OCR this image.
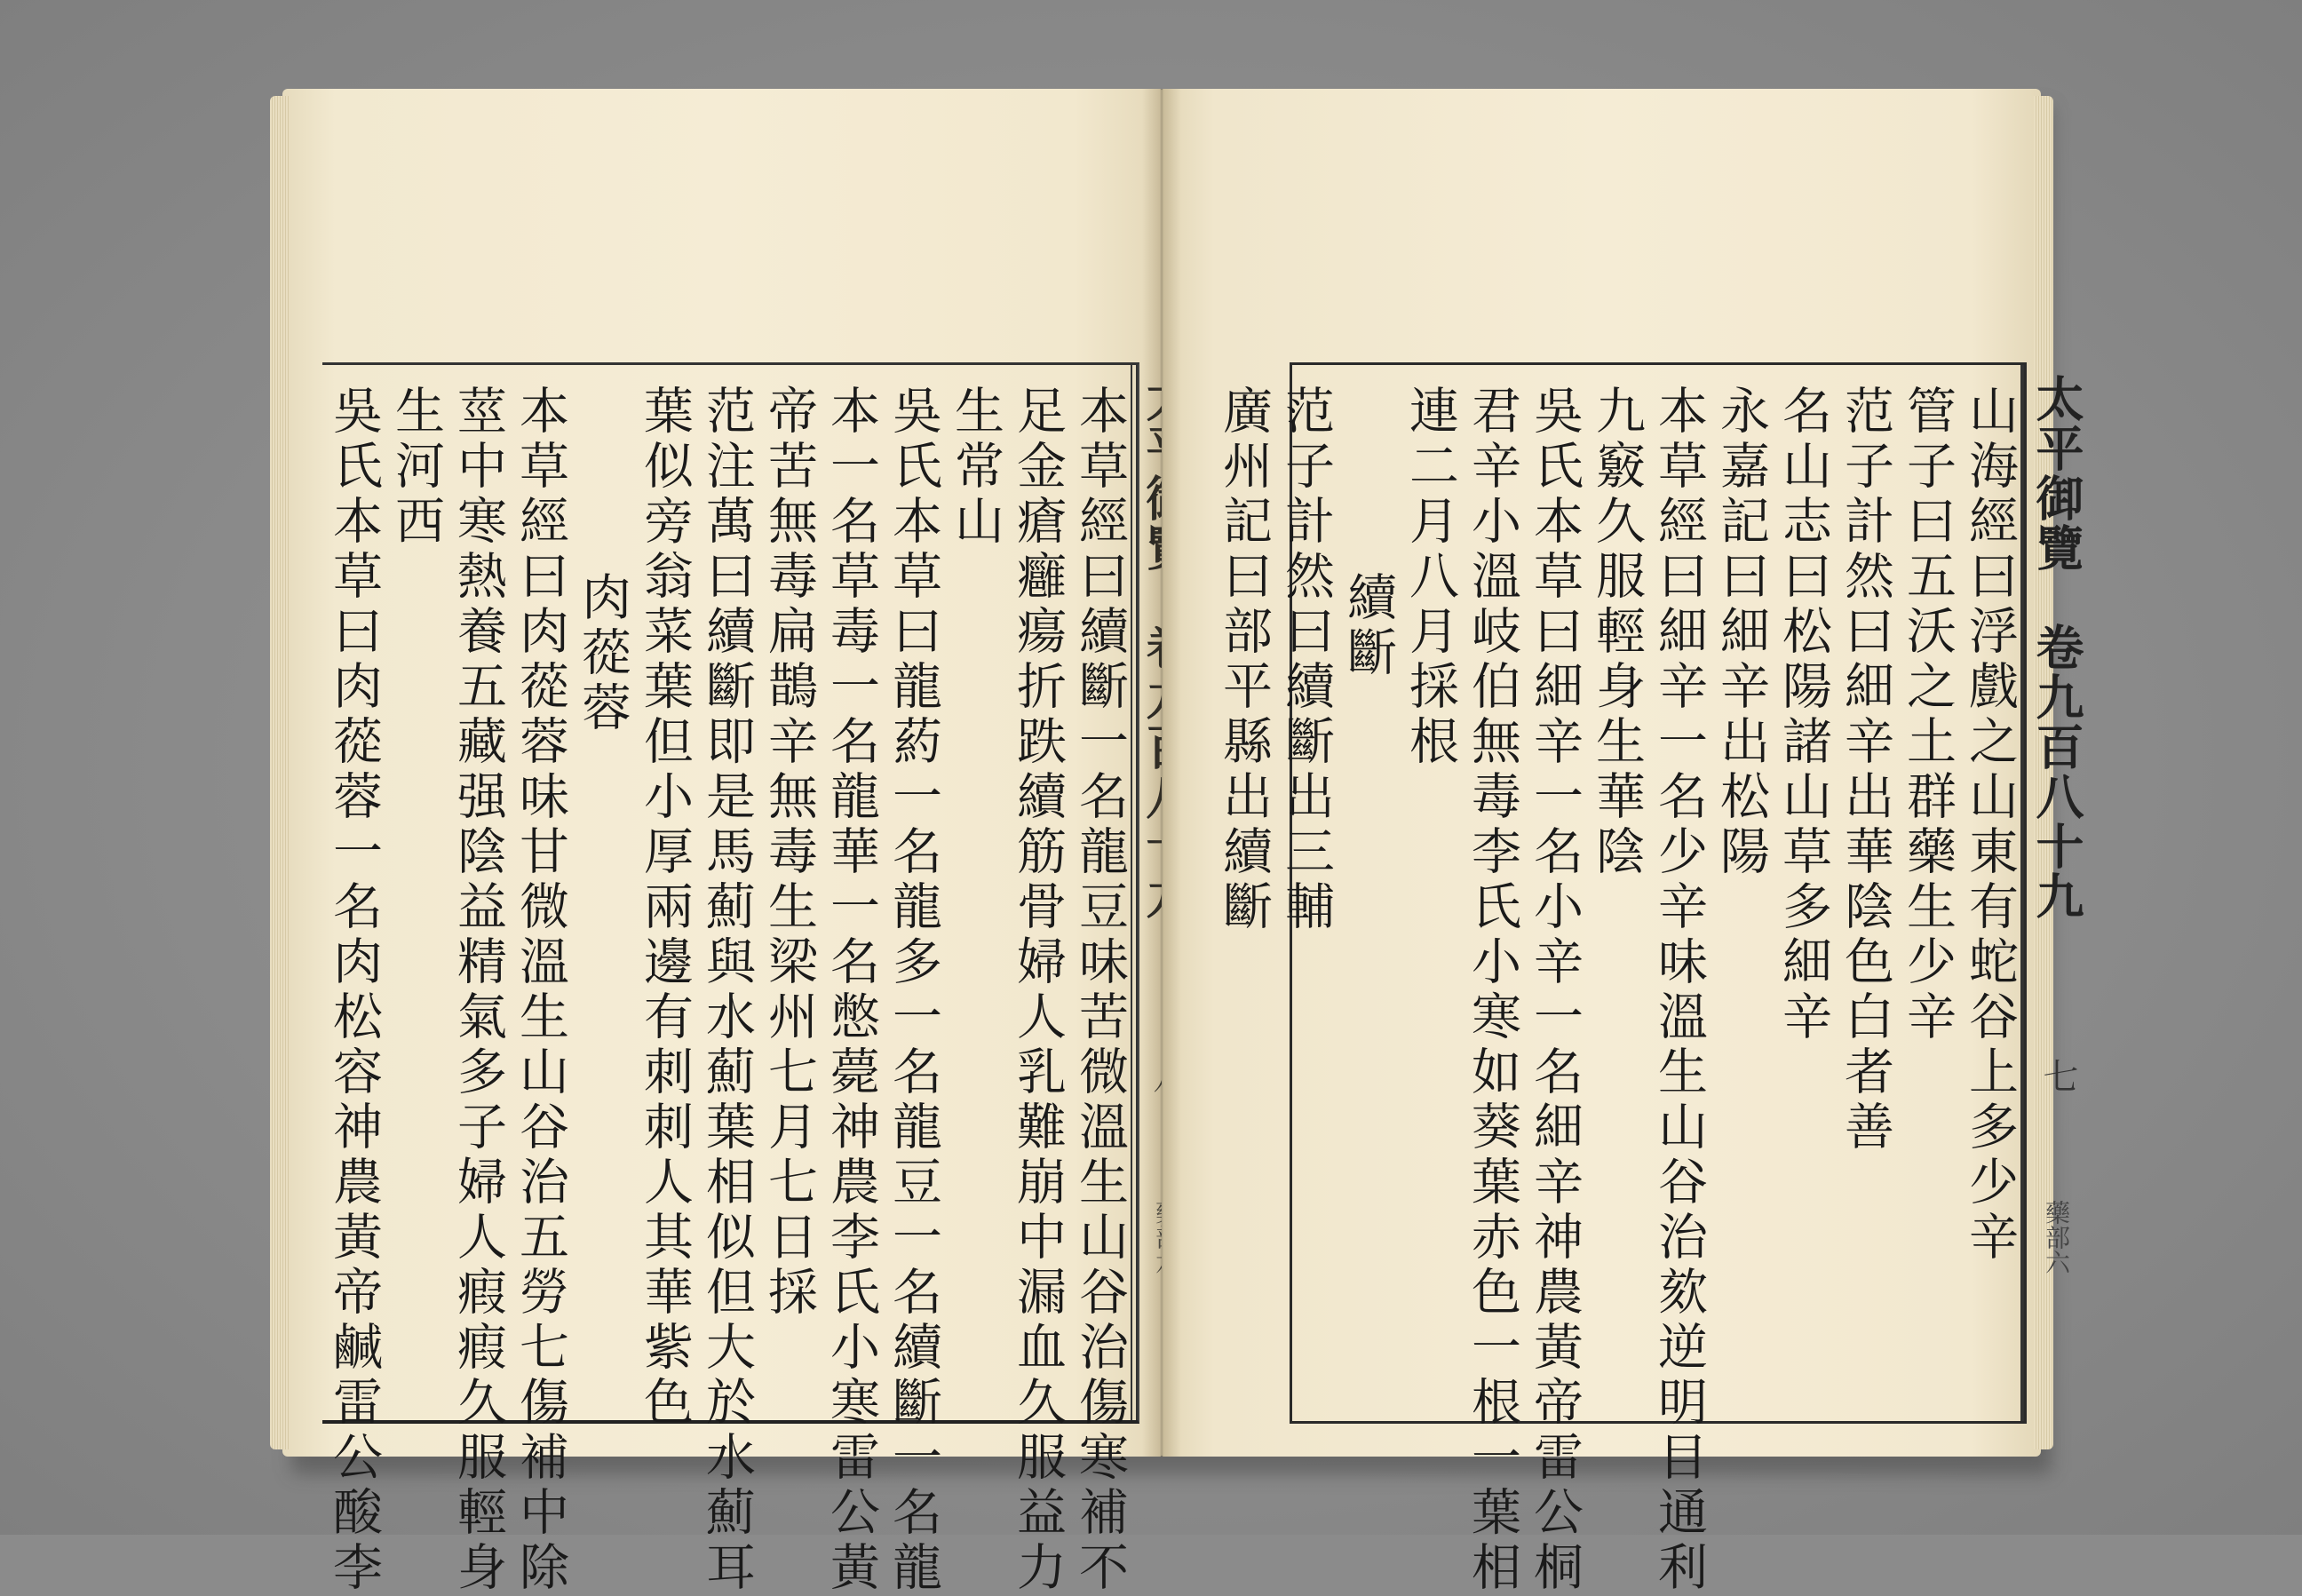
本草經曰續斷一名龍豆味苦微溫生山谷治傷寒補不
足金瘡癰瘍折跌續筋骨婦人乳難崩中漏血久服益力
生常山
吳氏本草曰龍葯一名龍多一名龍豆一名續斷一名龍
本一名草毒一名龍華一名憋薨神農李氏小寒雷公黃
帝苦無毒扁鵲辛無毒生梁州七月七日採
范注萬曰續斷即是馬薊與水薊葉相似但大於水薊耳
葉似旁翁菜葉但小厚兩邊有刺刺人其華紫色
肉蓯蓉
本草經曰肉蓯蓉味甘微溫生山谷治五勞七傷補中除
莖中寒熱養五藏强陰益精氣多子婦人瘕瘕久服輕身
生河西
吳氏本草曰肉蓯蓉一名肉松容神農黃帝鹹雷公酸李	太平御覽　卷九百八十九
七
藥部六
山海經曰浮戲之山東有蛇谷上多少辛
管子曰五沃之土群藥生少辛
范子計然曰細辛出華陰色白者善
名山志曰松陽諸山草多細辛
永嘉記曰細辛出松陽
本草經曰細辛一名少辛味溫生山谷治欬逆明目通利
九竅久服輕身生華陰
吳氏本草曰細辛一名小辛一名細辛神農黃帝雷公桐
君辛小溫岐伯無毒李氏小寒如葵葉赤色一根一葉相
連二月八月採根
續斷
范子計然曰續斷出三輔
廣州記曰部平縣出續斷
